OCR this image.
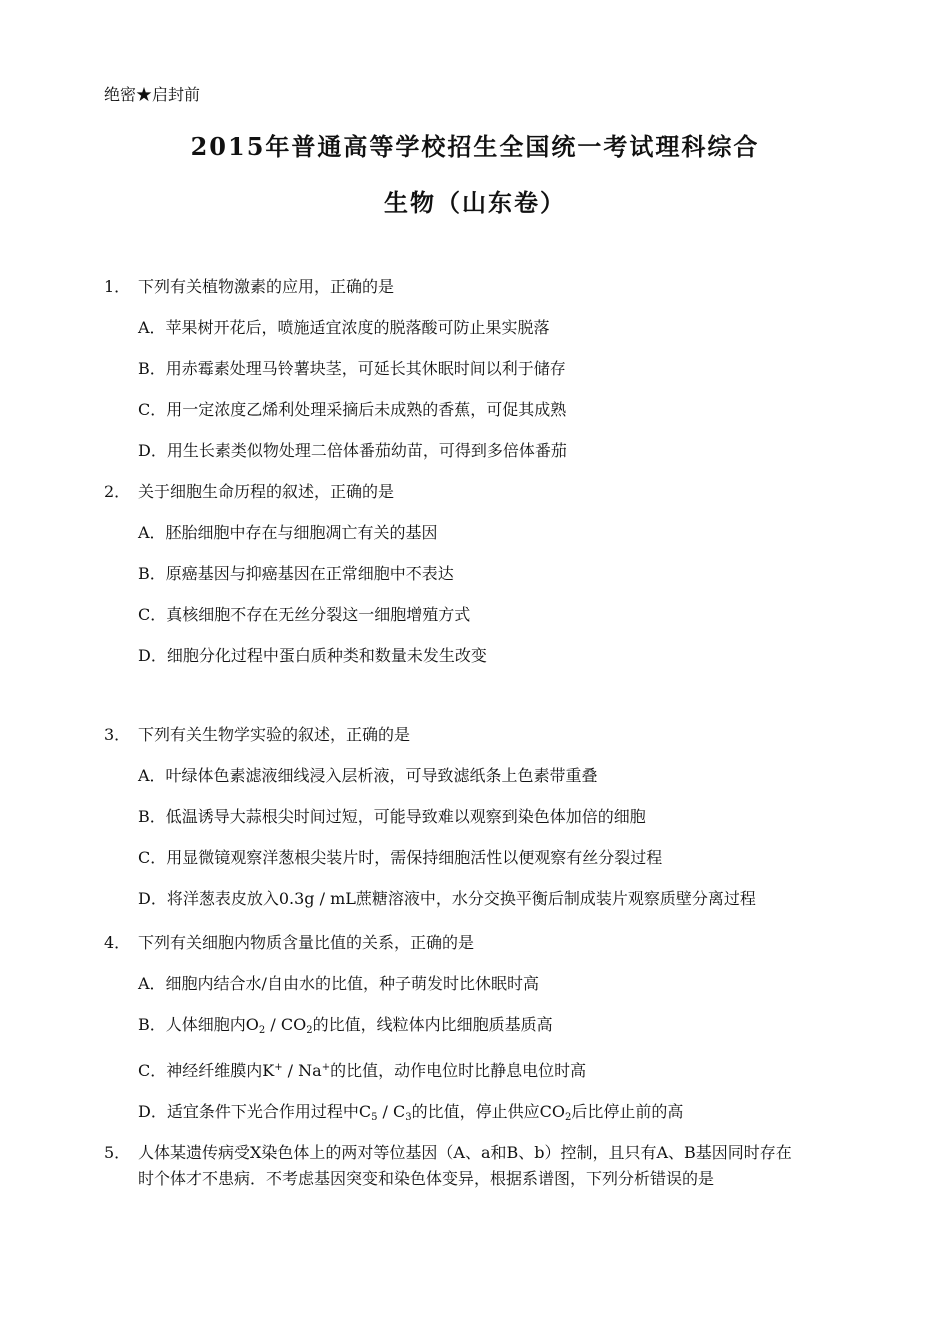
绝密★启封前
2015年普通高等学校招生全国统一考试理科综合
生物（山东卷）
1． 下列有关植物激素的应用，正确的是
A．苹果树开花后，喷施适宜浓度的脱落酸可防止果实脱落
B．用赤霉素处理马铃薯块茎，可延长其休眠时间以利于储存
C．用一定浓度乙烯利处理采摘后未成熟的香蕉，可促其成熟
D．用生长素类似物处理二倍体番茄幼苗，可得到多倍体番茄
2． 关于细胞生命历程的叙述，正确的是
A．胚胎细胞中存在与细胞凋亡有关的基因
B．原癌基因与抑癌基因在正常细胞中不表达
C．真核细胞不存在无丝分裂这一细胞增殖方式
D．细胞分化过程中蛋白质种类和数量未发生改变
3． 下列有关生物学实验的叙述，正确的是
A．叶绿体色素滤液细线浸入层析液，可导致滤纸条上色素带重叠
B．低温诱导大蒜根尖时间过短，可能导致难以观察到染色体加倍的细胞
C．用显微镜观察洋葱根尖装片时，需保持细胞活性以便观察有丝分裂过程
D．将洋葱表皮放入0.3g / mL蔗糖溶液中，水分交换平衡后制成装片观察质壁分离过程
4． 下列有关细胞内物质含量比值的关系，正确的是
A．细胞内结合水/自由水的比值，种子萌发时比休眠时高
B．人体细胞内$O_2 / CO_2$的比值，线粒体内比细胞质基质高
C．神经纤维膜内K+ / Na+的比值，动作电位时比静息电位时高
D．适宜条件下光合作用过程中$C_5 / C_3$的比值，停止供应$CO_2$后比停止前的高
5． 人体某遗传病受X染色体上的两对等位基因（A、a和B、b）控制，且只有A、B基因同时存在
时个体才不患病．不考虑基因突变和染色体变异，根据系谱图，下列分析错误的是
